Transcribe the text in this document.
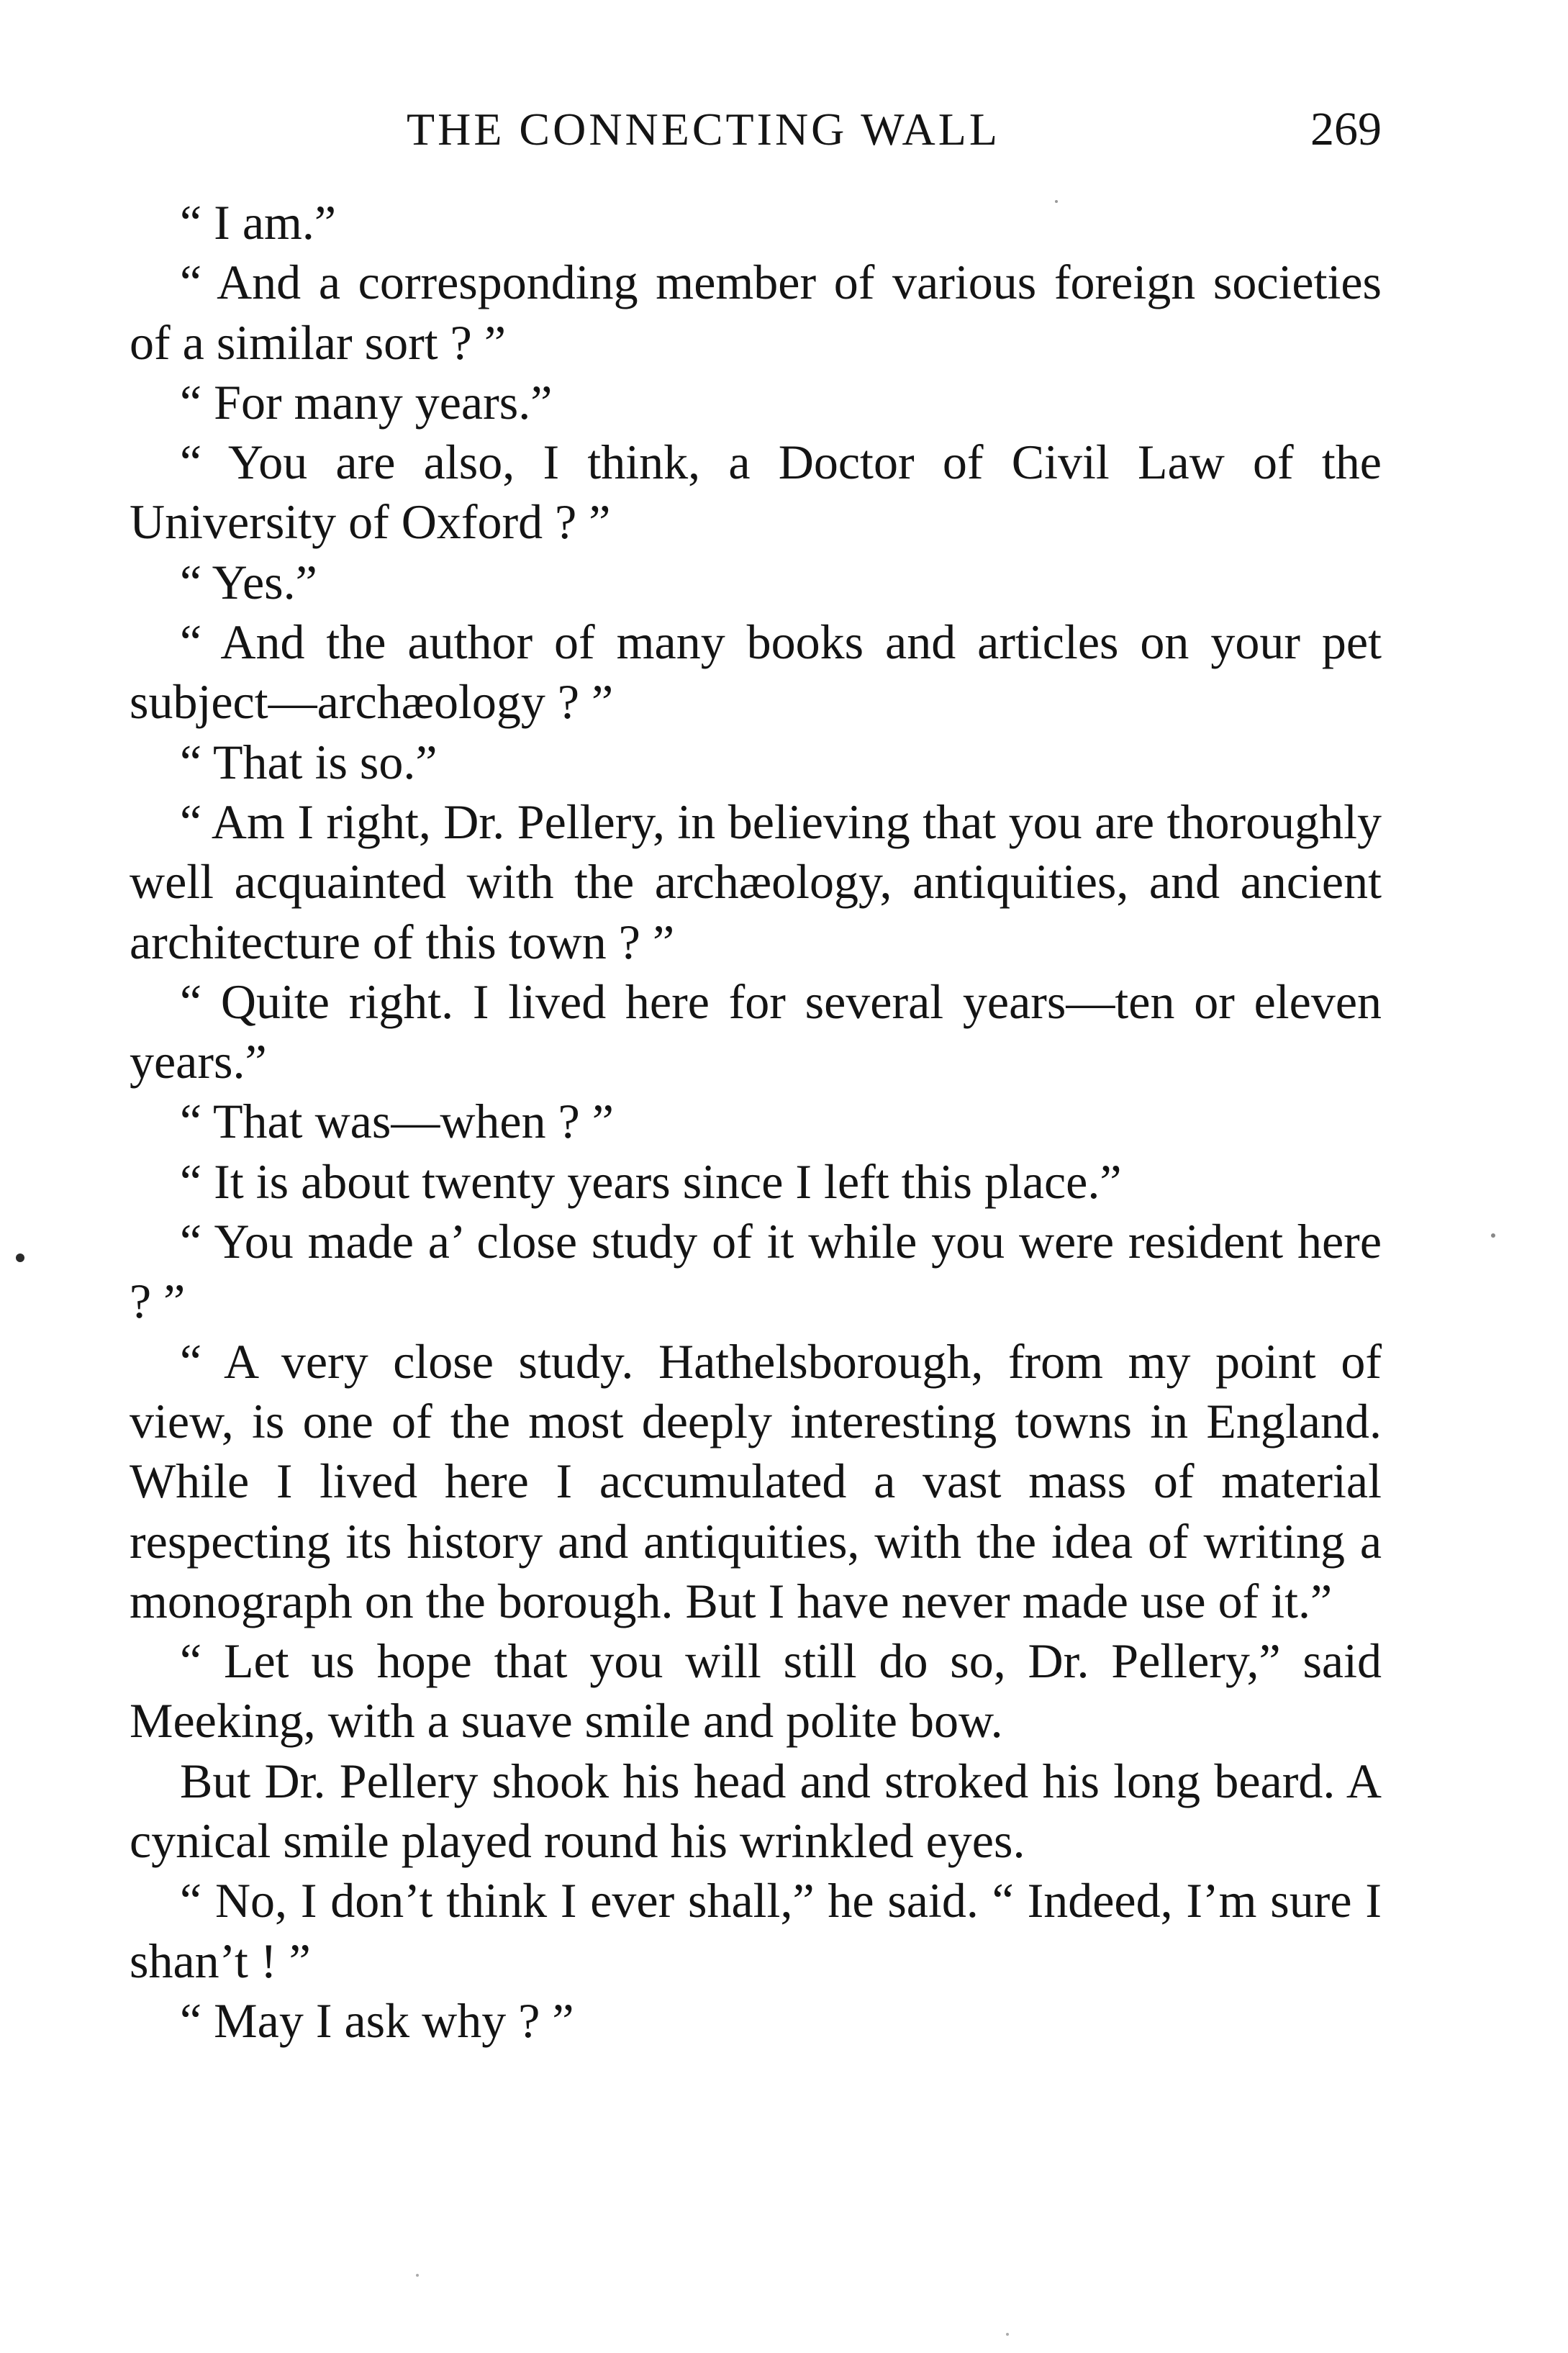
THE CONNECTING WALL	269

“ I am.”

“ And a corresponding member of various foreign societies of a similar sort ? ”

“ For many years.”

“ You are also, I think, a Doctor of Civil Law of the University of Oxford ? ”

“ Yes.”

“ And the author of many books and articles on your pet subject—archæology ? ”

“ That is so.”

“ Am I right, Dr. Pellery, in believing that you are thoroughly well acquainted with the archæology, antiquities, and ancient architecture of this town ? ”

“ Quite right. I lived here for several years—ten or eleven years.”

“ That was—when ? ”

“ It is about twenty years since I left this place.”

“ You made a’ close study of it while you were resident here ? ”

“ A very close study. Hathelsborough, from my point of view, is one of the most deeply interesting towns in England. While I lived here I accumulated a vast mass of material respecting its history and antiquities, with the idea of writing a monograph on the borough. But I have never made use of it.”

“ Let us hope that you will still do so, Dr. Pellery,” said Meeking, with a suave smile and polite bow.

But Dr. Pellery shook his head and stroked his long beard. A cynical smile played round his wrinkled eyes.

“ No, I don’t think I ever shall,” he said. “ Indeed, I’m sure I shan’t ! ”

“ May I ask why ? ”
